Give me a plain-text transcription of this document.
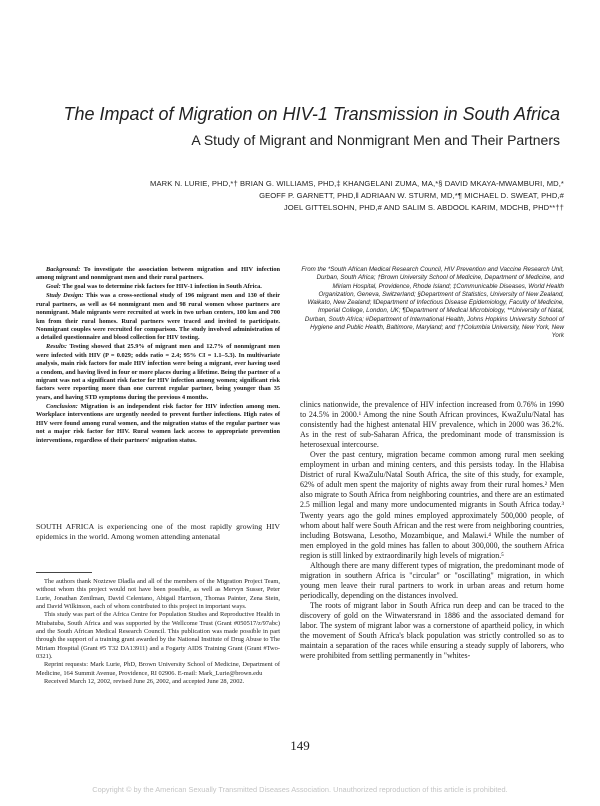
The Impact of Migration on HIV-1 Transmission in South Africa
A Study of Migrant and Nonmigrant Men and Their Partners
MARK N. LURIE, PHD,*† BRIAN G. WILLIAMS, PHD,‡ KHANGELANI ZUMA, MA,*§ DAVID MKAYA-MWAMBURI, MD,*
GEOFF P. GARNETT, PHD,‖ ADRIAAN W. STURM, MD,*¶ MICHAEL D. SWEAT, PHD,#
JOEL GITTELSOHN, PHD,# AND SALIM S. ABDOOL KARIM, MDCHB, PHD**††

Background: To investigate the association between migration and HIV infection among migrant and nonmigrant men and their rural partners.

Goal: The goal was to determine risk factors for HIV-1 infection in South Africa.

Study Design: This was a cross-sectional study of 196 migrant men and 130 of their rural partners, as well as 64 nonmigrant men and 98 rural women whose partners are nonmigrant. Male migrants were recruited at work in two urban centers, 100 km and 700 km from their rural homes. Rural partners were traced and invited to participate. Nonmigrant couples were recruited for comparison. The study involved administration of a detailed questionnaire and blood collection for HIV testing.

Results: Testing showed that 25.9% of migrant men and 12.7% of nonmigrant men were infected with HIV (P = 0.029; odds ratio = 2.4; 95% CI = 1.1–5.3). In multivariate analysis, main risk factors for male HIV infection were being a migrant, ever having used a condom, and having lived in four or more places during a lifetime. Being the partner of a migrant was not a significant risk factor for HIV infection among women; significant risk factors were reporting more than one current regular partner, being younger than 35 years, and having STD symptoms during the previous 4 months.

Conclusion: Migration is an independent risk factor for HIV infection among men. Workplace interventions are urgently needed to prevent further infections. High rates of HIV were found among rural women, and the migration status of the regular partner was not a major risk factor for HIV. Rural women lack access to appropriate prevention interventions, regardless of their partners' migration status.

From the *South African Medical Research Council, HIV Prevention and Vaccine Research Unit, Durban, South Africa; †Brown University School of Medicine, Department of Medicine, and Miriam Hospital, Providence, Rhode Island; ‡Communicable Diseases, World Health Organization, Geneva, Switzerland; §Department of Statistics, University of New Zealand, Waikato, New Zealand; ‖Department of Infectious Disease Epidemiology, Faculty of Medicine, Imperial College, London, UK; ¶Department of Medical Microbiology, **University of Natal, Durban, South Africa; #Department of International Health, Johns Hopkins University School of Hygiene and Public Health, Baltimore, Maryland; and ††Columbia University, New York, New York

SOUTH AFRICA is experiencing one of the most rapidly growing HIV epidemics in the world. Among women attending antenatal

The authors thank Nozizwe Dladla and all of the members of the Migration Project Team, without whom this project would not have been possible, as well as Mervyn Susser, Peter Lurie, Jonathan Zenilman, David Celentano, Abigail Harrison, Thomas Painter, Zena Stein, and David Wilkinson, each of whom contributed to this project in important ways.

This study was part of the Africa Centre for Population Studies and Reproductive Health in Mtubatuba, South Africa and was supported by the Wellcome Trust (Grant #050517/z/97abc) and the South African Medical Research Council. This publication was made possible in part through the support of a training grant awarded by the National Institute of Drug Abuse to The Miriam Hospital (Grant #5 T32 DA13911) and a Fogarty AIDS Training Grant (Grant #Two-0321).

Reprint requests: Mark Lurie, PhD, Brown University School of Medicine, Department of Medicine, 164 Summit Avenue, Providence, RI 02906. E-mail: Mark_Lurie@brown.edu

Received March 12, 2002, revised June 26, 2002, and accepted June 28, 2002.

clinics nationwide, the prevalence of HIV infection increased from 0.76% in 1990 to 24.5% in 2000.¹ Among the nine South African provinces, KwaZulu/Natal has consistently had the highest antenatal HIV prevalence, which in 2000 was 36.2%. As in the rest of sub-Saharan Africa, the predominant mode of transmission is heterosexual intercourse.

Over the past century, migration became common among rural men seeking employment in urban and mining centers, and this persists today. In the Hlabisa District of rural KwaZulu/Natal South Africa, the site of this study, for example, 62% of adult men spent the majority of nights away from their rural homes.² Men also migrate to South Africa from neighboring countries, and there are an estimated 2.5 million legal and many more undocumented migrants in South Africa today.³ Twenty years ago the gold mines employed approximately 500,000 people, of whom about half were South African and the rest were from neighboring countries, including Botswana, Lesotho, Mozambique, and Malawi.⁴ While the number of men employed in the gold mines has fallen to about 300,000, the southern Africa region is still linked by extraordinarily high levels of migration.⁵

Although there are many different types of migration, the predominant mode of migration in southern Africa is "circular" or "oscillating" migration, in which young men leave their rural partners to work in urban areas and return home periodically, depending on the distances involved.

The roots of migrant labor in South Africa run deep and can be traced to the discovery of gold on the Witwatersrand in 1886 and the associated demand for labor. The system of migrant labor was a cornerstone of apartheid policy, in which the movement of South Africa's black population was strictly controlled so as to maintain a separation of the races while ensuring a steady supply of laborers, who were prohibited from settling permanently in "whites-

149
Copyright © by the American Sexually Transmitted Diseases Association. Unauthorized reproduction of this article is prohibited.
